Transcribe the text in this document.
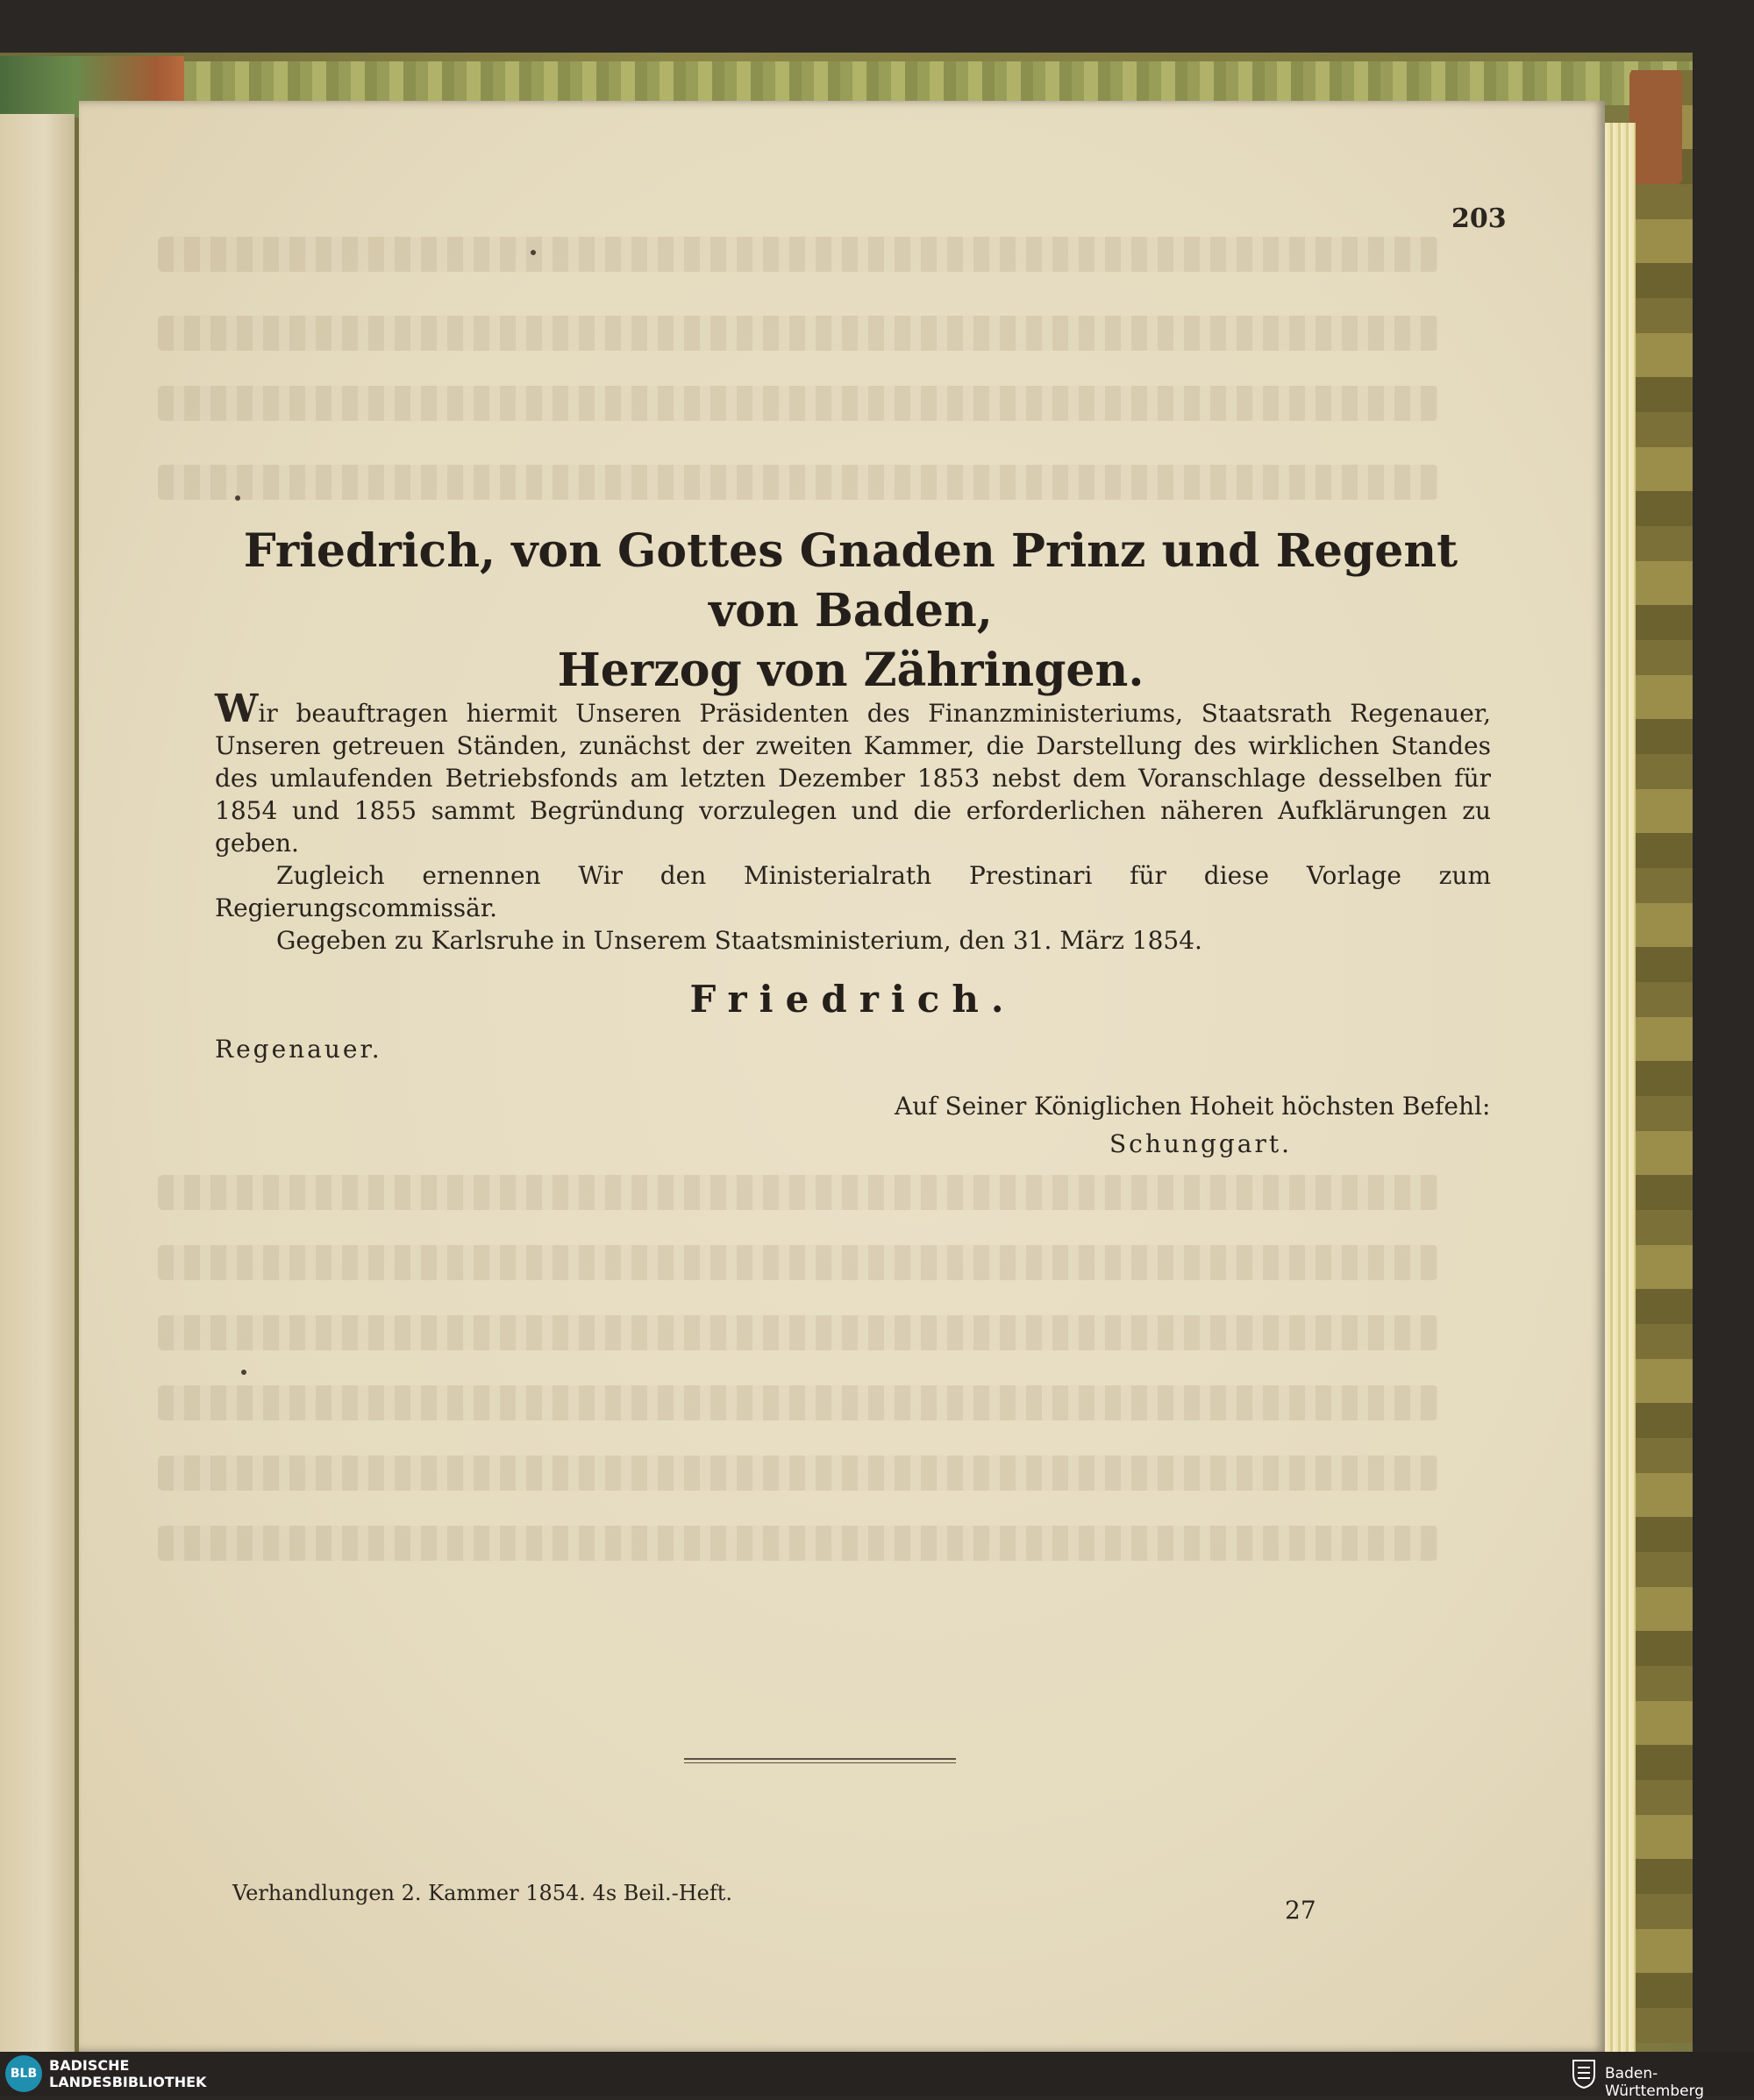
203
Friedrich, von Gottes Gnaden Prinz und Regent von Baden,
Herzog von Zähringen.

Wir beauftragen hiermit Unseren Präsidenten des Finanzministeriums, Staatsrath Regenauer, Unseren getreuen Ständen, zunächst der zweiten Kammer, die Darstellung des wirklichen Standes des umlaufenden Betriebsfonds am letzten Dezember 1853 nebst dem Voranschlage desselben für 1854 und 1855 sammt Begründung vorzulegen und die erforderlichen näheren Aufklärungen zu geben.

Zugleich ernennen Wir den Ministerialrath Prestinari für diese Vorlage zum Regierungscommissär.

Gegeben zu Karlsruhe in Unserem Staatsministerium, den 31. März 1854.

Friedrich.
Regenauer.
Auf Seiner Königlichen Hoheit höchsten Befehl:
Schunggart.
Verhandlungen 2. Kammer 1854. 4s Beil.-Heft.
27
BLB BADISCHE
LANDESBIBLIOTHEK	Baden-Württemberg
